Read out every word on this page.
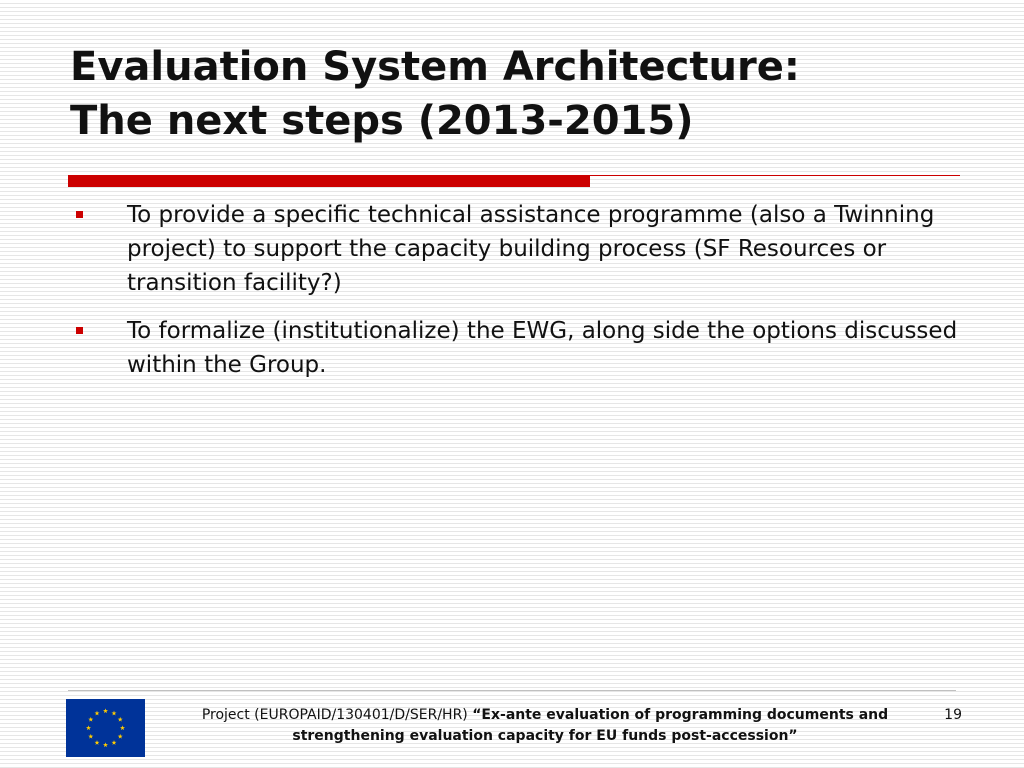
Evaluation System Architecture:
The next steps (2013-2015)
To provide a specific technical assistance programme (also a Twinning project) to support the capacity building process (SF Resources or transition facility?)
To formalize (institutionalize) the EWG, along side the options discussed within the Group.
Project (EUROPAID/130401/D/SER/HR) “Ex-ante evaluation of programming documents and strengthening evaluation capacity for EU funds post-accession”
19
